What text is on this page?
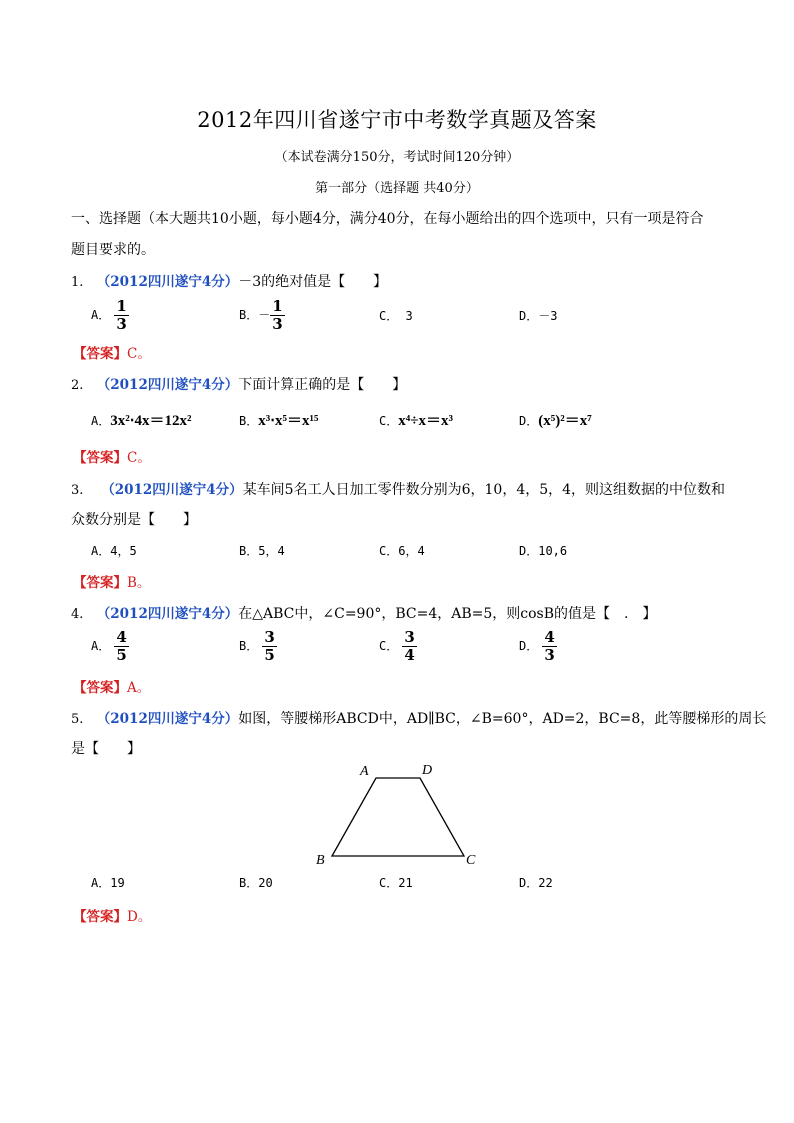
2012年四川省遂宁市中考数学真题及答案
（本试卷满分150分，考试时间120分钟）
第一部分（选择题 共40分）
一、选择题（本大题共10小题，每小题4分，满分40分，在每小题给出的四个选项中，只有一项是符合
题目要求的。
1. （2012四川遂宁4分）－3的绝对值是【　　】
A． $\frac{1}{3}$	B．－ $\frac{1}{3}$	C． 3	D．－3
【答案】C。
2. （2012四川遂宁4分）下面计算正确的是【　　】
A．3x²⋅4x＝12x²	B．x³⋅x⁵＝x¹⁵	C．x⁴÷x＝x³	D．(x⁵)²＝x⁷
【答案】C。
3. （2012四川遂宁4分）某车间5名工人日加工零件数分别为6，10，4，5，4，则这组数据的中位数和
众数分别是【　　】
A．4，5	B．5，4	C．6，4	D．10,6
【答案】B。
4. （2012四川遂宁4分）在△ABC中，∠C=90°，BC=4，AB=5，则cosB的值是【　.　】
A． $\frac{4}{5}$	B． $\frac{3}{5}$	C． $\frac{3}{4}$	D． $\frac{4}{3}$
【答案】A。
5. （2012四川遂宁4分）如图，等腰梯形ABCD中，AD∥BC，∠B=60°，AD=2，BC=8，此等腰梯形的周长
是【　　】
A	D
B	C
A．19	B．20	C．21	D．22
【答案】D。
